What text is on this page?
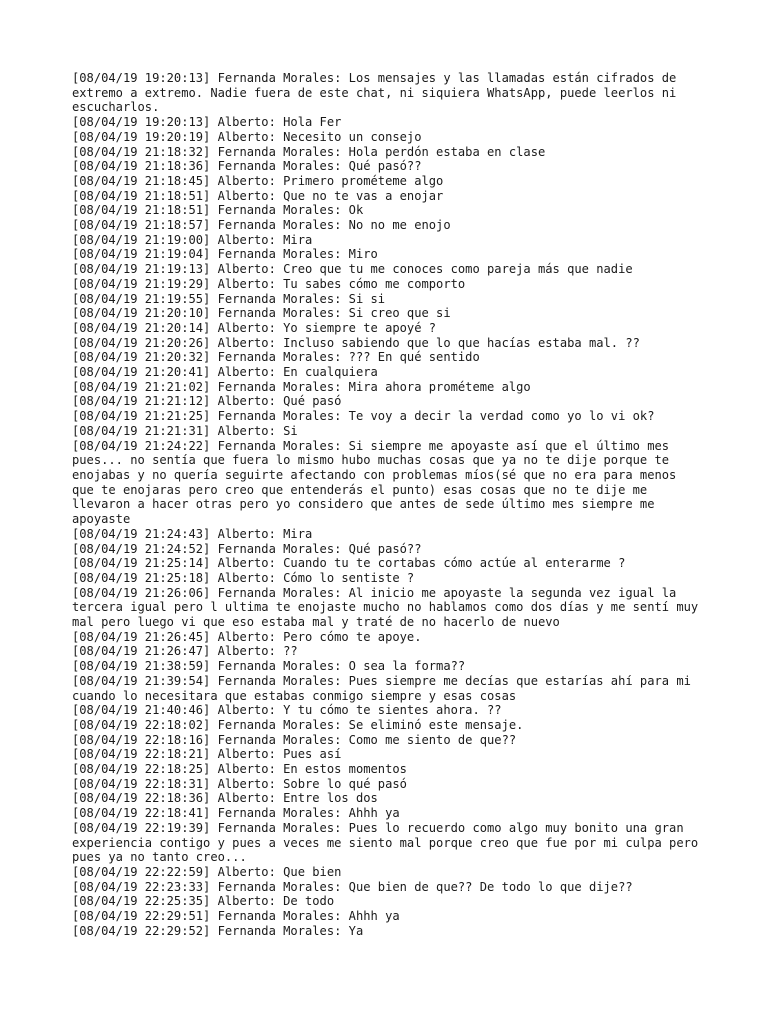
[08/04/19 19:20:13] Fernanda Morales: Los mensajes y las llamadas están cifrados de extremo a extremo. Nadie fuera de este chat, ni siquiera WhatsApp, puede leerlos ni escucharlos.

[08/04/19 19:20:13] Alberto: Hola Fer

[08/04/19 19:20:19] Alberto: Necesito un consejo

[08/04/19 21:18:32] Fernanda Morales: Hola perdón estaba en clase

[08/04/19 21:18:36] Fernanda Morales: Qué pasó??

[08/04/19 21:18:45] Alberto: Primero prométeme algo

[08/04/19 21:18:51] Alberto: Que no te vas a enojar

[08/04/19 21:18:51] Fernanda Morales: Ok

[08/04/19 21:18:57] Fernanda Morales: No no me enojo

[08/04/19 21:19:00] Alberto: Mira

[08/04/19 21:19:04] Fernanda Morales: Miro

[08/04/19 21:19:13] Alberto: Creo que tu me conoces como pareja más que nadie

[08/04/19 21:19:29] Alberto: Tu sabes cómo me comporto

[08/04/19 21:19:55] Fernanda Morales: Si si

[08/04/19 21:20:10] Fernanda Morales: Si creo que si

[08/04/19 21:20:14] Alberto: Yo siempre te apoyé ?

[08/04/19 21:20:26] Alberto: Incluso sabiendo que lo que hacías estaba mal. ??

[08/04/19 21:20:32] Fernanda Morales: ??? En qué sentido

[08/04/19 21:20:41] Alberto: En cualquiera

[08/04/19 21:21:02] Fernanda Morales: Mira ahora prométeme algo

[08/04/19 21:21:12] Alberto: Qué pasó

[08/04/19 21:21:25] Fernanda Morales: Te voy a decir la verdad como yo lo vi ok?

[08/04/19 21:21:31] Alberto: Si

[08/04/19 21:24:22] Fernanda Morales: Si siempre me apoyaste así que el último mes pues... no sentía que fuera lo mismo hubo muchas cosas que ya no te dije porque te enojabas y no quería seguirte afectando con problemas míos(sé que no era para menos que te enojaras pero creo que entenderás el punto) esas cosas que no te dije me llevaron a hacer otras pero yo considero que antes de sede último mes siempre me apoyaste

[08/04/19 21:24:43] Alberto: Mira

[08/04/19 21:24:52] Fernanda Morales: Qué pasó??

[08/04/19 21:25:14] Alberto: Cuando tu te cortabas cómo actúe al enterarme ?

[08/04/19 21:25:18] Alberto: Cómo lo sentiste ?

[08/04/19 21:26:06] Fernanda Morales: Al inicio me apoyaste la segunda vez igual la tercera igual pero l ultima te enojaste mucho no hablamos como dos días y me sentí muy mal pero luego vi que eso estaba mal y traté de no hacerlo de nuevo

[08/04/19 21:26:45] Alberto: Pero cómo te apoye.

[08/04/19 21:26:47] Alberto: ??

[08/04/19 21:38:59] Fernanda Morales: O sea la forma??

[08/04/19 21:39:54] Fernanda Morales: Pues siempre me decías que estarías ahí para mi cuando lo necesitara que estabas conmigo siempre y esas cosas

[08/04/19 21:40:46] Alberto: Y tu cómo te sientes ahora. ??

[08/04/19 22:18:02] Fernanda Morales: Se eliminó este mensaje.

[08/04/19 22:18:16] Fernanda Morales: Como me siento de que??

[08/04/19 22:18:21] Alberto: Pues así

[08/04/19 22:18:25] Alberto: En estos momentos

[08/04/19 22:18:31] Alberto: Sobre lo qué pasó

[08/04/19 22:18:36] Alberto: Entre los dos

[08/04/19 22:18:41] Fernanda Morales: Ahhh ya

[08/04/19 22:19:39] Fernanda Morales: Pues lo recuerdo como algo muy bonito una gran experiencia contigo y pues a veces me siento mal porque creo que fue por mi culpa pero pues ya no tanto creo...

[08/04/19 22:22:59] Alberto: Que bien

[08/04/19 22:23:33] Fernanda Morales: Que bien de que?? De todo lo que dije??

[08/04/19 22:25:35] Alberto: De todo

[08/04/19 22:29:51] Fernanda Morales: Ahhh ya

[08/04/19 22:29:52] Fernanda Morales: Ya
